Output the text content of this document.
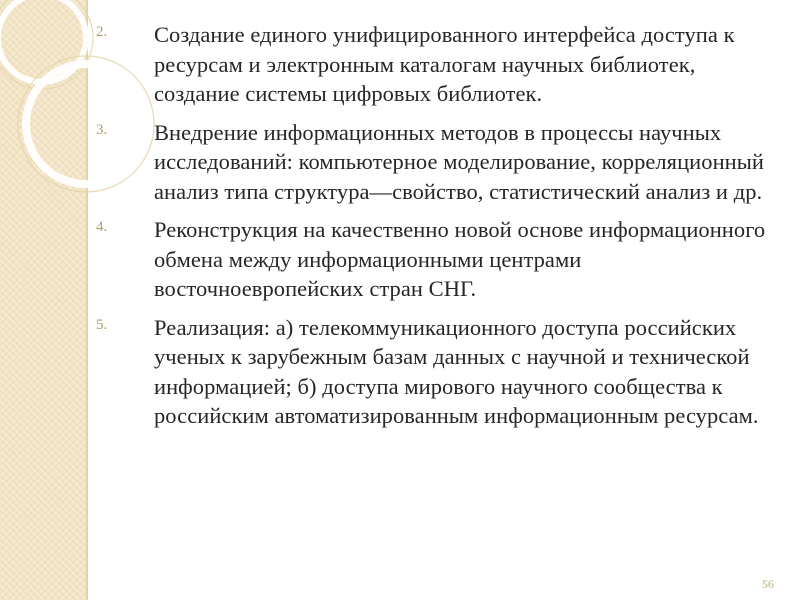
2. Создание единого унифицированного интерфейса доступа к ресурсам и электронным каталогам научных библиотек, создание системы цифровых библиотек.
3. Внедрение информационных методов в процессы научных исследований: компьютерное моделирование, корреляционный анализ типа структура—свойство, статистический анализ и др.
4. Реконструкция на качественно новой основе информационного обмена между информационными центрами восточноевропейских стран СНГ.
5. Реализация: а) телекоммуникационного доступа российских ученых к зарубежным базам данных с научной и технической информацией; б) доступа мирового научного сообщества к российским автоматизированным информационным ресурсам.
56
